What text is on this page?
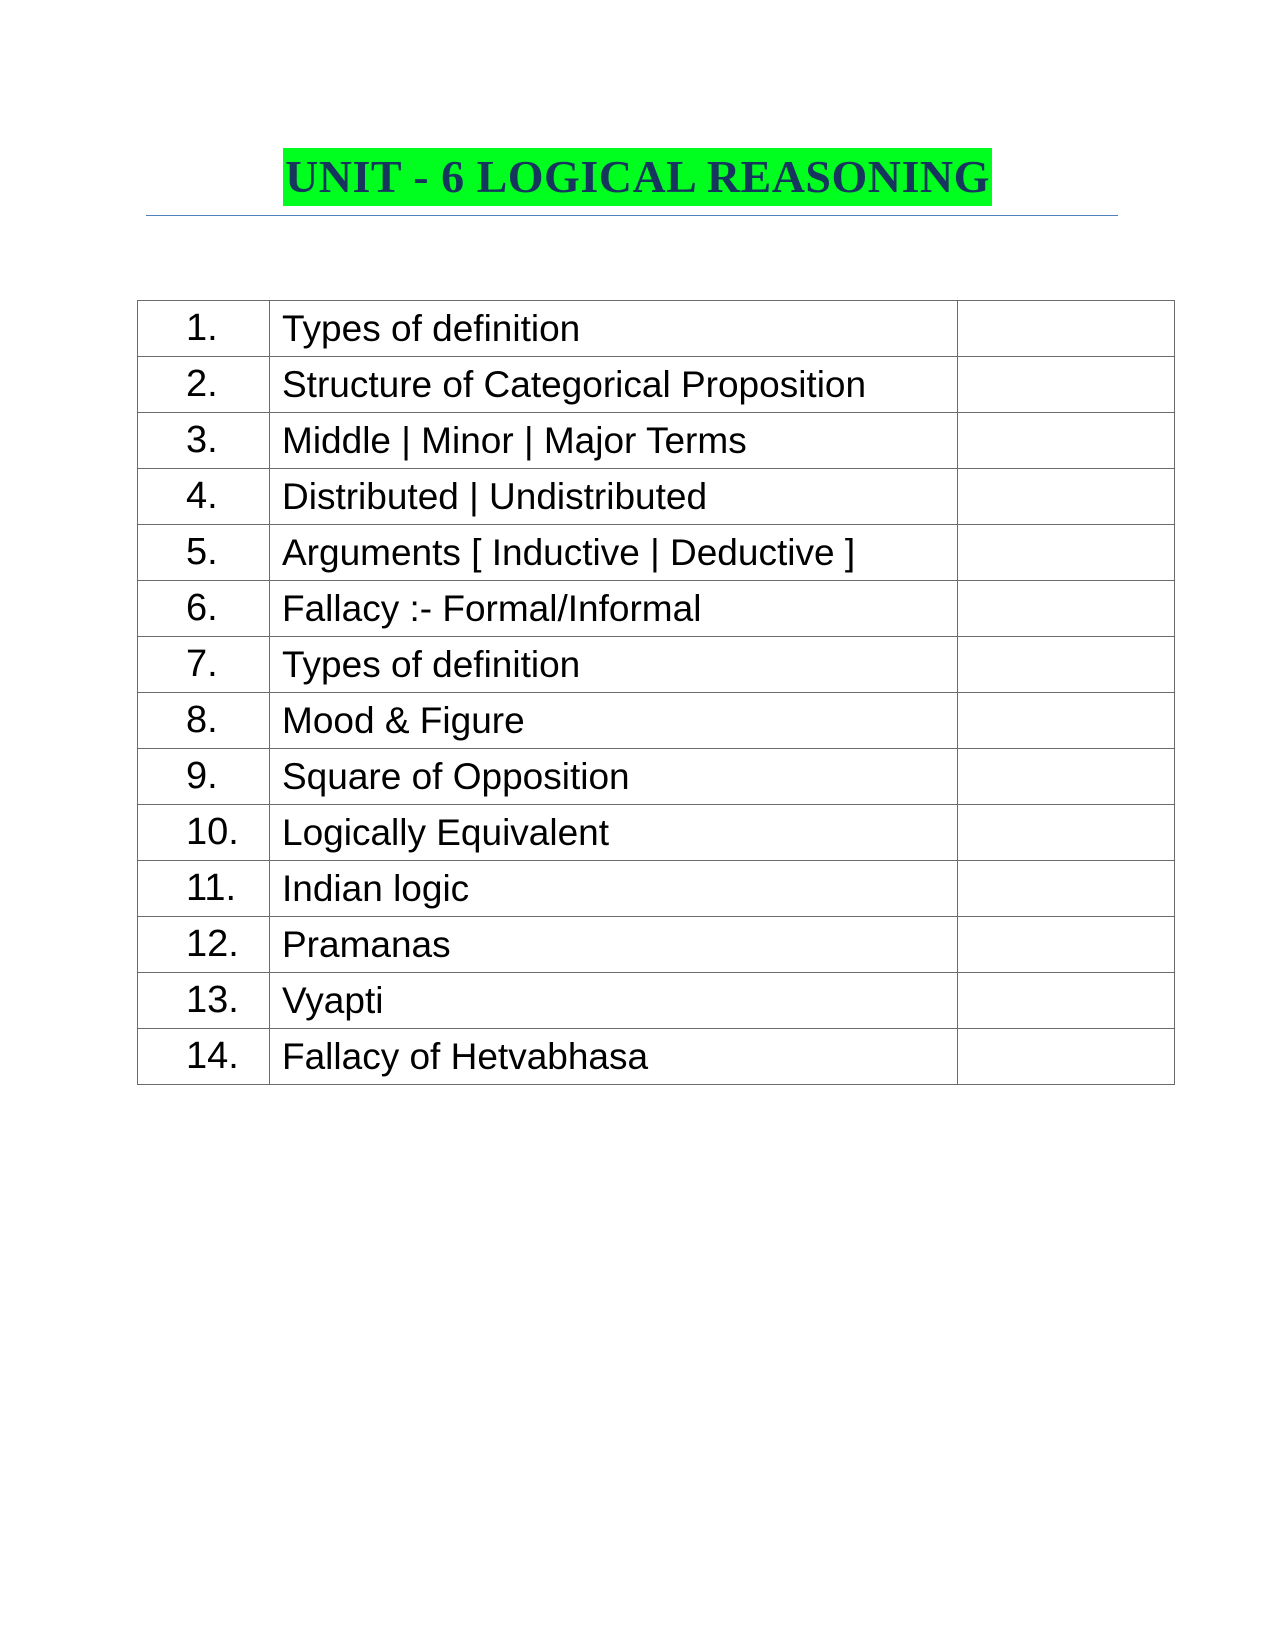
UNIT - 6 LOGICAL REASONING
1.	Types of definition	
2.	Structure of Categorical Proposition	
3.	Middle | Minor | Major Terms	
4.	Distributed | Undistributed	
5.	Arguments [ Inductive | Deductive ]	
6.	Fallacy :- Formal/Informal	
7.	Types of definition	
8.	Mood & Figure	
9.	Square of Opposition	
10.	Logically Equivalent	
11.	Indian logic	
12.	Pramanas	
13.	Vyapti	
14.	Fallacy of Hetvabhasa	
